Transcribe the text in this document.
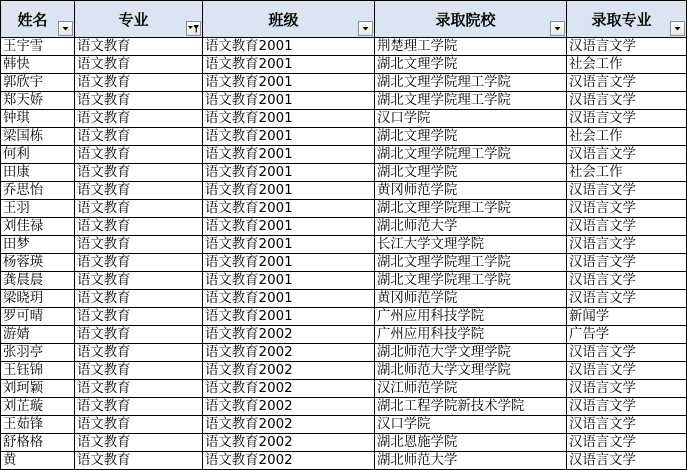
姓名	专业	班级	录取院校	录取专业

王宇雪	语文教育	语文教育2001	荆楚理工学院	汉语言文学
韩快	语文教育	语文教育2001	湖北文理学院	社会工作
郭欣宇	语文教育	语文教育2001	湖北文理学院理工学院	汉语言文学
郑天娇	语文教育	语文教育2001	湖北文理学院理工学院	汉语言文学
钟琪	语文教育	语文教育2001	汉口学院	汉语言文学
梁国栋	语文教育	语文教育2001	湖北文理学院	社会工作
何利	语文教育	语文教育2001	湖北文理学院理工学院	汉语言文学
田康	语文教育	语文教育2001	湖北文理学院	社会工作
乔思怡	语文教育	语文教育2001	黄冈师范学院	汉语言文学
王羽	语文教育	语文教育2001	湖北文理学院理工学院	汉语言文学
刘佳禄	语文教育	语文教育2001	湖北师范大学	汉语言文学
田梦	语文教育	语文教育2001	长江大学文理学院	汉语言文学
杨蓉瑛	语文教育	语文教育2001	湖北文理学院理工学院	汉语言文学
龚晨晨	语文教育	语文教育2001	湖北文理学院理工学院	汉语言文学
梁晓玥	语文教育	语文教育2001	黄冈师范学院	汉语言文学
罗可晴	语文教育	语文教育2001	广州应用科技学院	新闻学
游婧	语文教育	语文教育2002	广州应用科技学院	广告学
张羽亭	语文教育	语文教育2002	湖北师范大学文理学院	汉语言文学
王钰锦	语文教育	语文教育2002	湖北师范大学文理学院	汉语言文学
刘珂颖	语文教育	语文教育2002	汉江师范学院	汉语言文学
刘芷璇	语文教育	语文教育2002	湖北工程学院新技术学院	汉语言文学
王茹锋	语文教育	语文教育2002	汉口学院	汉语言文学
舒格格	语文教育	语文教育2002	湖北恩施学院	汉语言文学
黄	语文教育	语文教育2002	湖北师范大学	汉语言文学
